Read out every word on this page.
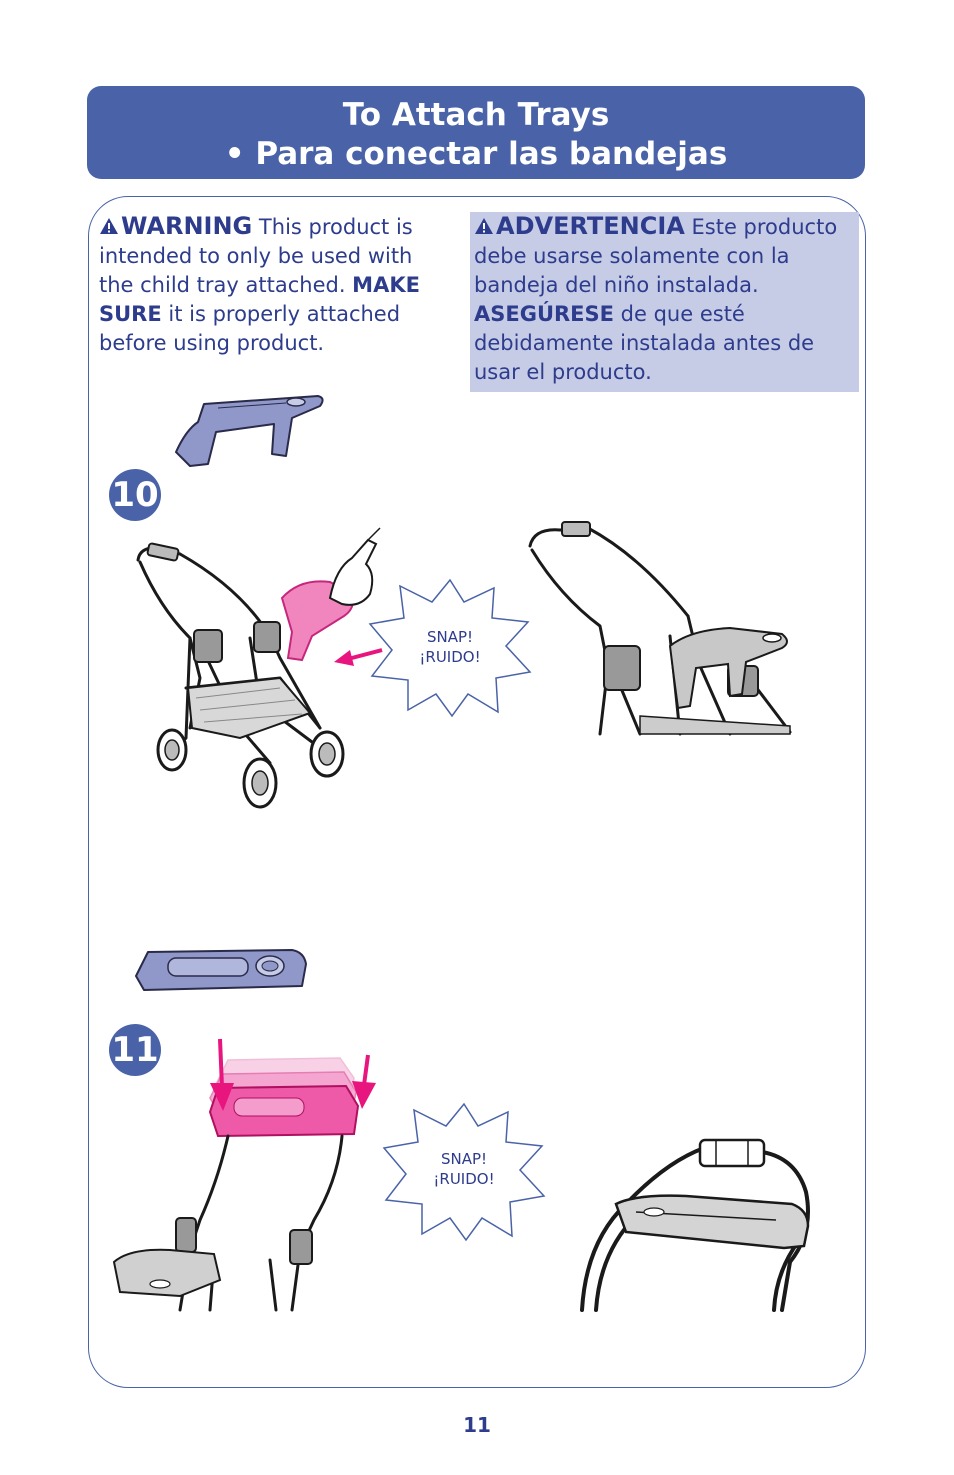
To Attach Trays
• Para conectar las bandejas
WARNING This product is intended to only be used with the child tray attached. MAKE SURE it is properly attached before using product.
ADVERTENCIA Este producto debe usarse solamente con la bandeja del niño instalada. ASEGÚRESE de que esté debidamente instalada antes de usar el producto.
10
SNAP!
¡RUIDO!
11
SNAP!
¡RUIDO!
11
